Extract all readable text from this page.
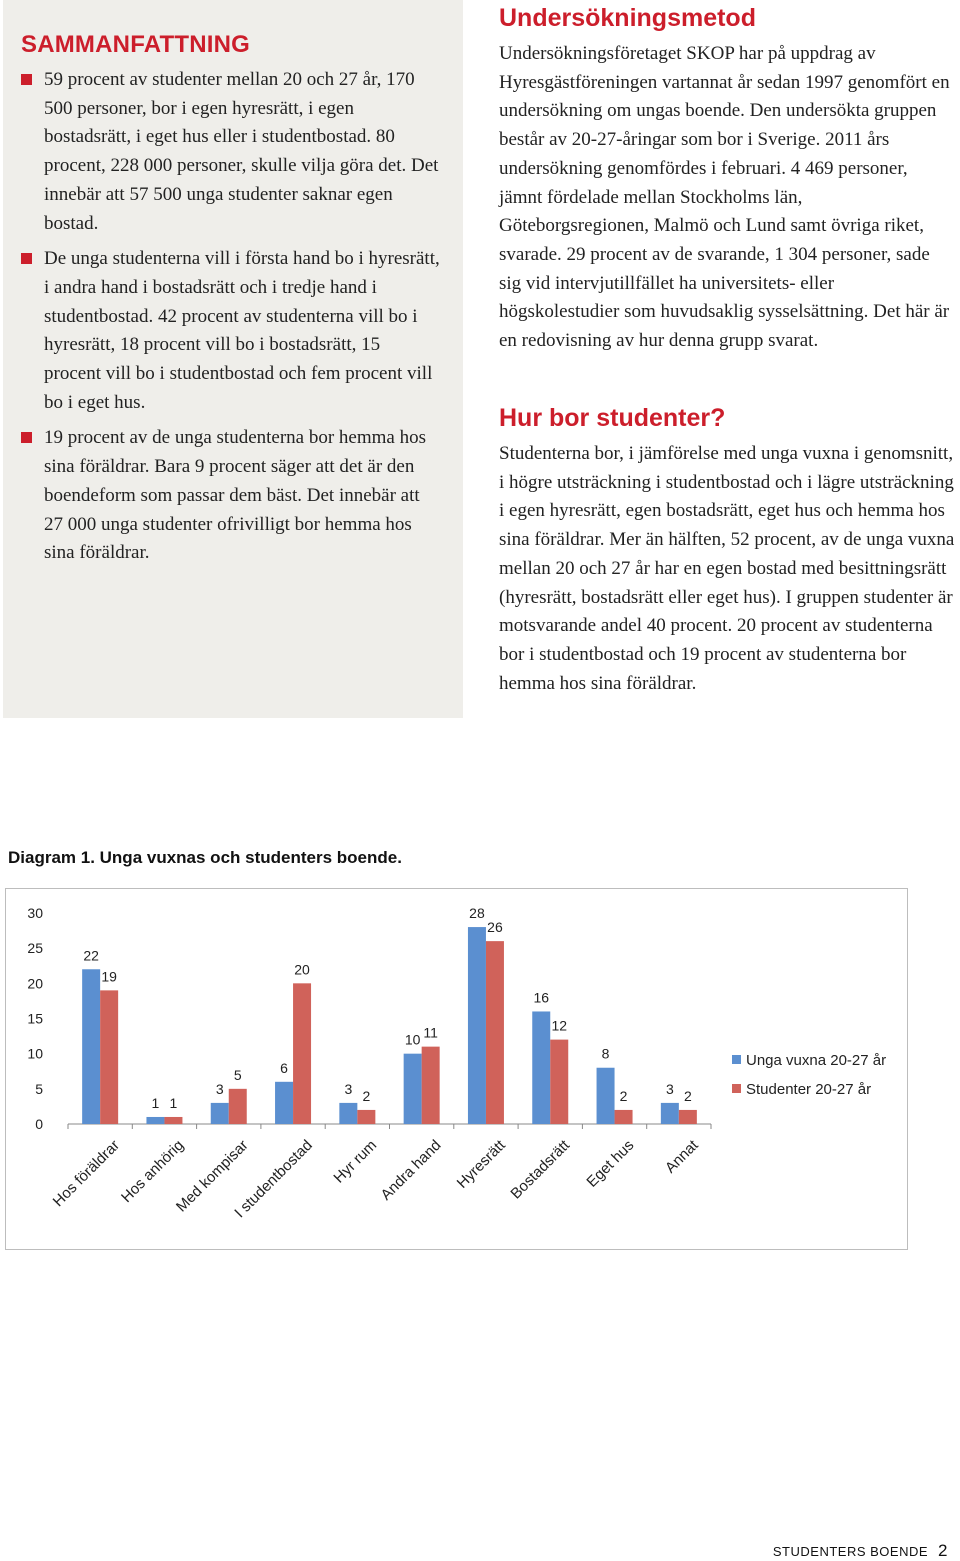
SAMMANFATTNING
59 procent av studenter mellan 20 och 27 år, 170 500 personer, bor i egen hyresrätt, i egen bostadsrätt, i eget hus eller i studentbostad. 80 procent, 228 000 personer, skulle vilja göra det. Det innebär att 57 500 unga studenter saknar egen bostad.
De unga studenterna vill i första hand bo i hyresrätt, i andra hand i bostadsrätt och i tredje hand i studentbostad. 42 procent av studenterna vill bo i hyresrätt, 18 procent vill bo i bostadsrätt, 15 procent vill bo i studentbostad och fem procent vill bo i eget hus.
19 procent av de unga studenterna bor hemma hos sina föräldrar. Bara 9 procent säger att det är den boendeform som passar dem bäst. Det innebär att 27 000 unga studenter ofrivilligt bor hemma hos sina föräldrar.
Undersökningsmetod

Undersökningsföretaget SKOP har på uppdrag av Hyresgästföreningen vartannat år sedan 1997 genomfört en undersökning om ungas boende. Den undersökta gruppen består av 20-27-åringar som bor i Sverige. 2011 års undersökning genomfördes i februari. 4 469 personer, jämnt fördelade mellan Stockholms län, Göteborgsregionen, Malmö och Lund samt övriga riket, svarade. 29 procent av de svarande, 1 304 personer, sade sig vid intervjutillfället ha universitets- eller högskolestudier som huvudsaklig sysselsättning. Det här är en redovisning av hur denna grupp svarat.

Hur bor studenter?

Studenterna bor, i jämförelse med unga vuxna i genomsnitt, i högre utsträckning i studentbostad och i lägre utsträckning i egen hyresrätt, egen bostadsrätt, eget hus och hemma hos sina föräldrar. Mer än hälften, 52 procent, av de unga vuxna mellan 20 och 27 år har en egen bostad med besittningsrätt (hyresrätt, bostadsrätt eller eget hus). I gruppen studenter är motsvarande andel 40 procent. 20 procent av studenterna bor i studentbostad och 19 procent av studenterna bor hemma hos sina föräldrar.

Diagram 1. Unga vuxnas och studenters boende.
0
5
10
15
20
25
30
22
19
Hos föräldrar
1 1
Hos anhörig
3
5
Med kompisar
6
20
I studentbostad
3 2
Hyr rum
10 11
Andra hand
28
26
Hyresrätt
16
12
Bostadsrätt
8
2
Eget hus
3 2
Annat
Unga vuxna 20-27 år
Studenter 20-27 år
STUDENTERS BOENDE 2
